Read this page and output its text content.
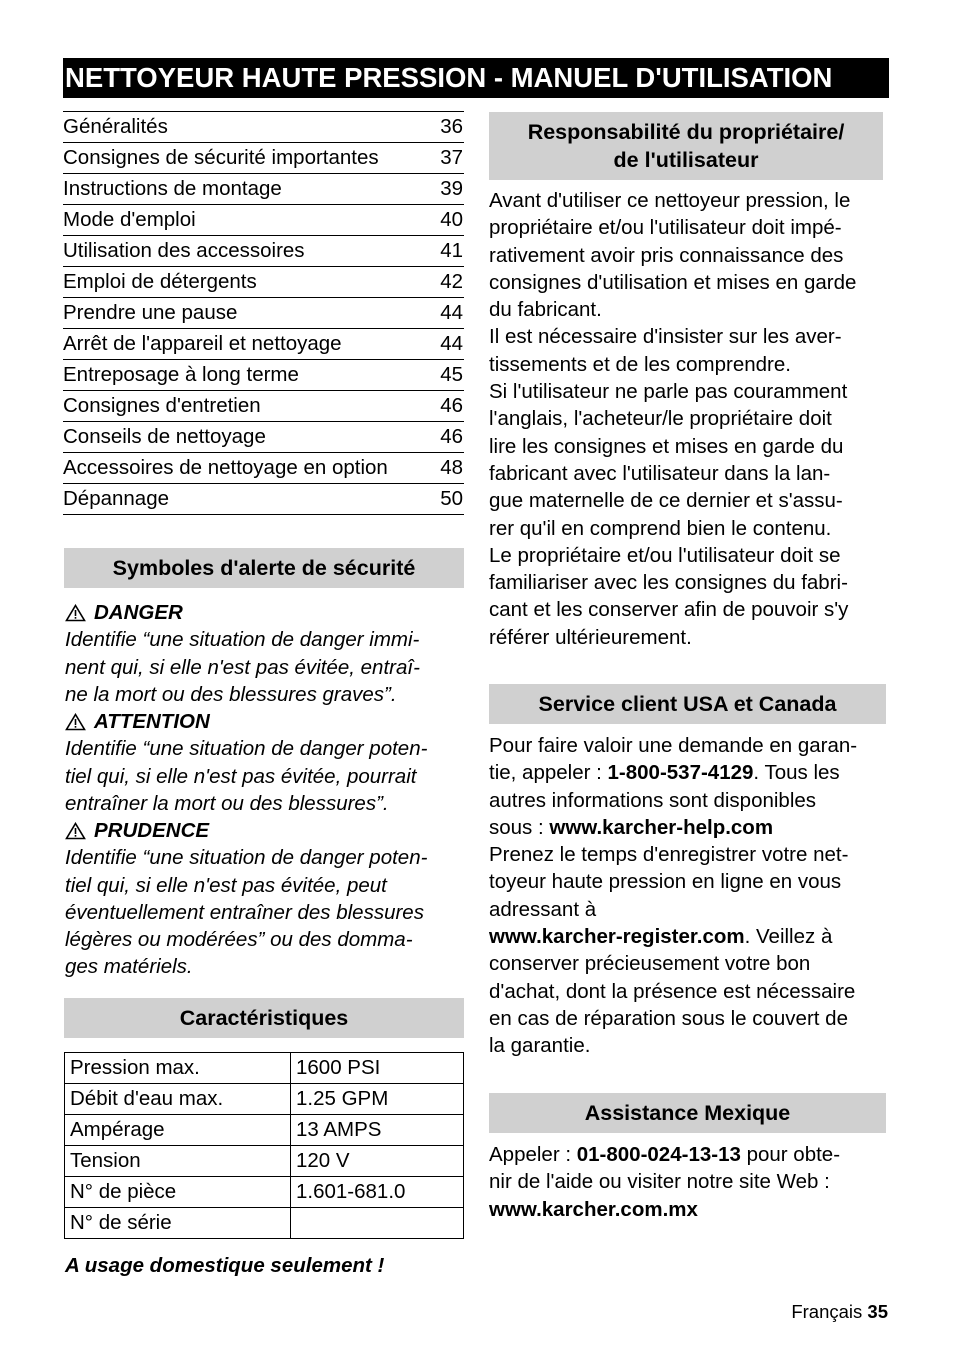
NETTOYEUR HAUTE PRESSION - MANUEL D'UTILISATION
Généralités	36
Consignes de sécurité importantes	37
Instructions de montage	39
Mode d'emploi	40
Utilisation des accessoires	41
Emploi de détergents	42
Prendre une pause	44
Arrêt de l'appareil et nettoyage	44
Entreposage à long terme	45
Consignes d'entretien	46
Conseils de nettoyage	46
Accessoires de nettoyage en option	48
Dépannage	50
Symboles d'alerte de sécurité
DANGER
Identifie “une situation de danger immi-
nent qui, si elle n'est pas évitée, entraî-
ne la mort ou des blessures graves”.
ATTENTION
Identifie “une situation de danger poten-
tiel qui, si elle n'est pas évitée, pourrait
entraîner la mort ou des blessures”.
PRUDENCE
Identifie “une situation de danger poten-
tiel qui, si elle n'est pas évitée, peut
éventuellement entraîner des blessures
légères ou modérées” ou des domma-
ges matériels.
Caractéristiques
Pression max.	1600 PSI
Débit d'eau max.	1.25 GPM
Ampérage	13 AMPS
Tension	120 V
N° de pièce	1.601-681.0
N° de série	
A usage domestique seulement !
Responsabilité du propriétaire/
de l'utilisateur

Avant d'utiliser ce nettoyeur pression, le
propriétaire et/ou l'utilisateur doit impé-
rativement avoir pris connaissance des
consignes d'utilisation et mises en garde
du fabricant.

Il est nécessaire d'insister sur les aver-
tissements et de les comprendre.

Si l'utilisateur ne parle pas couramment
l'anglais, l'acheteur/le propriétaire doit
lire les consignes et mises en garde du
fabricant avec l'utilisateur dans la lan-
gue maternelle de ce dernier et s'assu-
rer qu'il en comprend bien le contenu.

Le propriétaire et/ou l'utilisateur doit se
familiariser avec les consignes du fabri-
cant et les conserver afin de pouvoir s'y
référer ultérieurement.

Service client USA et Canada

Pour faire valoir une demande en garan-
tie, appeler : 1-800-537-4129. Tous les
autres informations sont disponibles
sous : www.karcher-help.com

Prenez le temps d'enregistrer votre net-
toyeur haute pression en ligne en vous
adressant à
www.karcher-register.com. Veillez à
conserver précieusement votre bon
d'achat, dont la présence est nécessaire
en cas de réparation sous le couvert de
la garantie.

Assistance Mexique

Appeler : 01-800-024-13-13 pour obte-
nir de l'aide ou visiter notre site Web :
www.karcher.com.mx

Français 35
